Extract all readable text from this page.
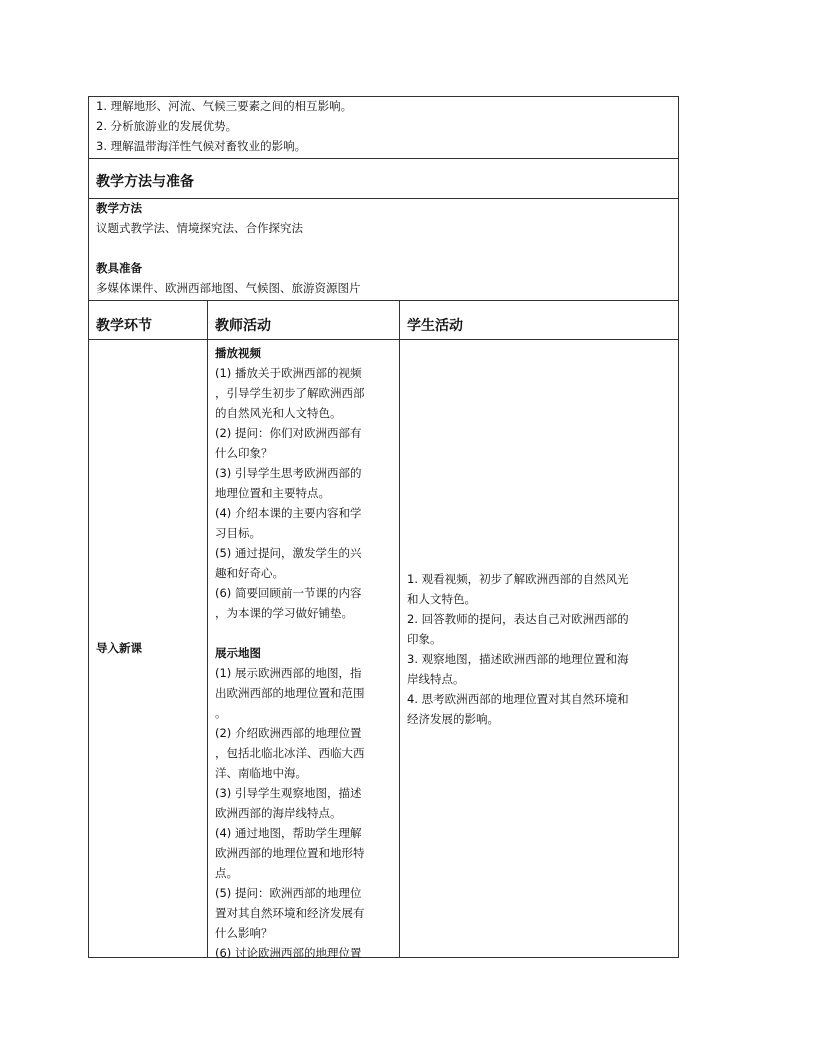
1. 理解地形、河流、气候三要素之间的相互影响。
2. 分析旅游业的发展优势。
3. 理解温带海洋性气候对畜牧业的影响。
教学方法与准备
教学方法
议题式教学法、情境探究法、合作探究法
教具准备
多媒体课件、欧洲西部地图、气候图、旅游资源图片
教学环节	教师活动	学生活动
导入新课
播放视频
(1) 播放关于欧洲西部的视频
，引导学生初步了解欧洲西部
的自然风光和人文特色。
(2) 提问：你们对欧洲西部有
什么印象？
(3) 引导学生思考欧洲西部的
地理位置和主要特点。
(4) 介绍本课的主要内容和学
习目标。
(5) 通过提问，激发学生的兴
趣和好奇心。
(6) 简要回顾前一节课的内容
，为本课的学习做好铺垫。
展示地图
(1) 展示欧洲西部的地图，指
出欧洲西部的地理位置和范围
。
(2) 介绍欧洲西部的地理位置
，包括北临北冰洋、西临大西
洋、南临地中海。
(3) 引导学生观察地图，描述
欧洲西部的海岸线特点。
(4) 通过地图，帮助学生理解
欧洲西部的地理位置和地形特
点。
(5) 提问：欧洲西部的地理位
置对其自然环境和经济发展有
什么影响？
(6) 讨论欧洲西部的地理位置
1. 观看视频，初步了解欧洲西部的自然风光
和人文特色。
2. 回答教师的提问，表达自己对欧洲西部的
印象。
3. 观察地图，描述欧洲西部的地理位置和海
岸线特点。
4. 思考欧洲西部的地理位置对其自然环境和
经济发展的影响。
